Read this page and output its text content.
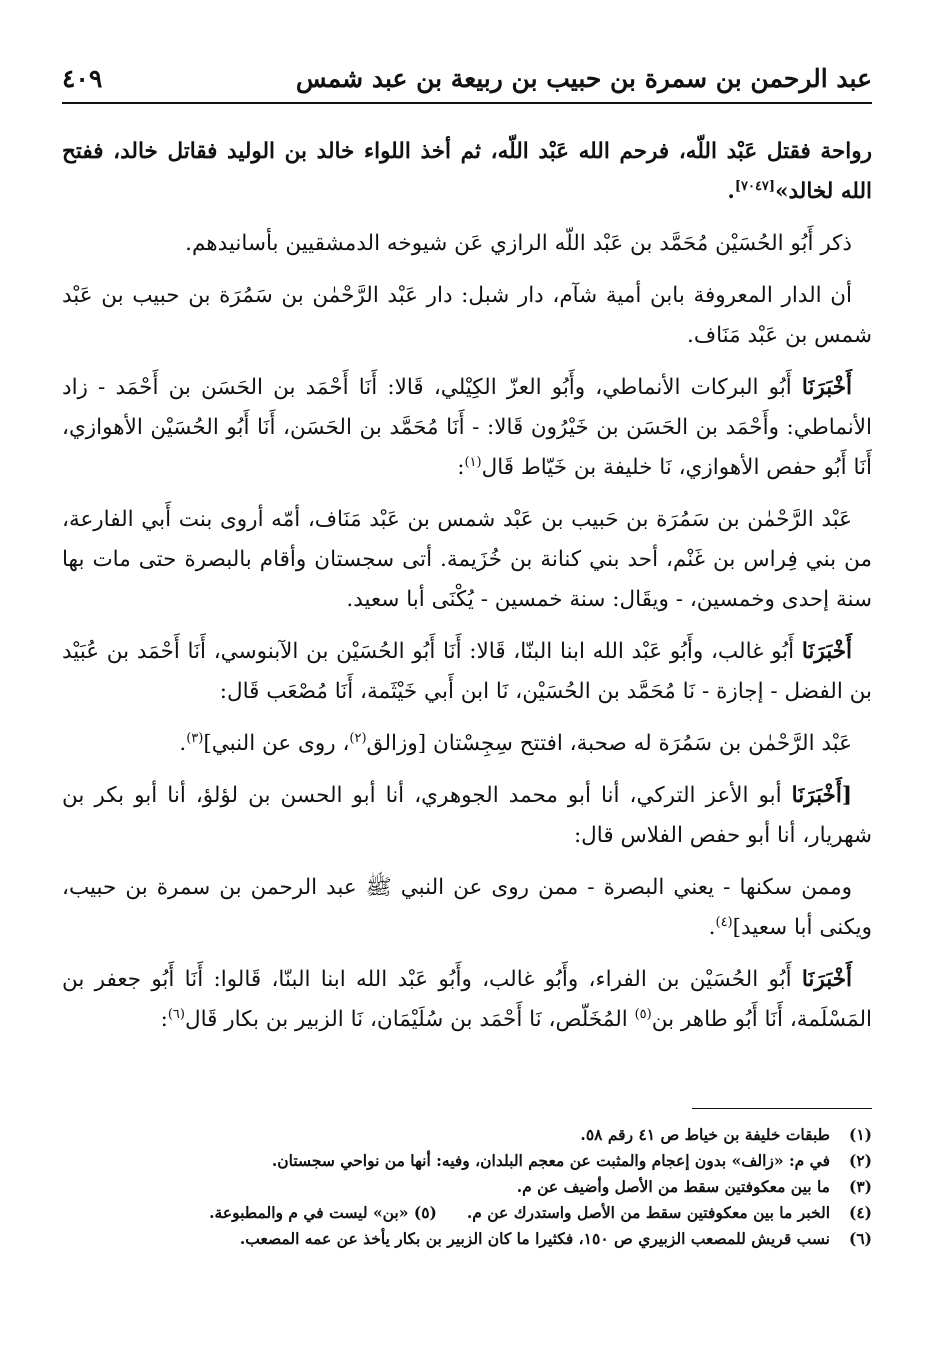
عبد الرحمن بن سمرة بن حبيب بن ربيعة بن عبد شمس
٤٠٩

رواحة فقتل عَبْد اللّه، فرحم الله عَبْد اللّه، ثم أخذ اللواء خالد بن الوليد فقاتل خالد، ففتح الله لخالد»[٧٠٤٧].

ذكر أَبُو الحُسَيْن مُحَمَّد بن عَبْد اللّه الرازي عَن شيوخه الدمشقيين بأسانيدهم.

أن الدار المعروفة بابن أمية شآم، دار شبل: دار عَبْد الرَّحْمٰن بن سَمُرَة بن حبيب بن عَبْد شمس بن عَبْد مَنَاف.

أَخْبَرَنَا أَبُو البركات الأنماطي، وأَبُو العزّ الكِيْلي، قَالا: أَنَا أَحْمَد بن الحَسَن بن أَحْمَد - زاد الأنماطي: وأَحْمَد بن الحَسَن بن خَيْرُون قَالا: - أَنَا مُحَمَّد بن الحَسَن، أَنَا أَبُو الحُسَيْن الأهوازي، أَنَا أَبُو حفص الأهوازي، نَا خليفة بن خَيّاط قَال$^{(١)}$:

عَبْد الرَّحْمٰن بن سَمُرَة بن حَبيب بن عَبْد شمس بن عَبْد مَنَاف، أمّه أروى بنت أَبي الفارعة، من بني فِراس بن غَنْم، أحد بني كنانة بن خُزَيمة. أتى سجستان وأقام بالبصرة حتى مات بها سنة إحدى وخمسين، - ويقَال: سنة خمسين - يُكْنَى أبا سعيد.

أَخْبَرَنَا أَبُو غالب، وأَبُو عَبْد الله ابنا البنّا، قَالا: أَنَا أَبُو الحُسَيْن بن الآبنوسي، أَنَا أَحْمَد بن عُبَيْد بن الفضل - إجازة - نَا مُحَمَّد بن الحُسَيْن، نَا ابن أَبي خَيْثَمة، أَنَا مُصْعَب قَال:

عَبْد الرَّحْمٰن بن سَمُرَة له صحبة، افتتح سِجِسْتان [وزالق$^{(٢)}$، روى عن النبي]$^{(٣)}$.

[أَخْبَرَنَا أبو الأعز التركي، أنا أبو محمد الجوهري، أنا أبو الحسن بن لؤلؤ، أنا أبو بكر بن شهريار، أنا أبو حفص الفلاس قال:

وممن سكنها - يعني البصرة - ممن روى عن النبي ﷺ عبد الرحمن بن سمرة بن حبيب، ويكنى أبا سعيد]$^{(٤)}$.

أَخْبَرَنَا أَبُو الحُسَيْن بن الفراء، وأَبُو غالب، وأَبُو عَبْد الله ابنا البنّا، قَالوا: أَنَا أَبُو جعفر بن المَسْلَمة، أَنَا أَبُو طاهر بن$^{(٥)}$ المُخَلّص، نَا أَحْمَد بن سُلَيْمَان، نَا الزبير بن بكار قَال$^{(٦)}$:

(١)
طبقات خليفة بن خياط ص ٤١ رقم ٥٨.
(٢)
في م: «زالف» بدون إعجام والمثبت عن معجم البلدان، وفيه: أنها من نواحي سجستان.
(٣)
ما بين معكوفتين سقط من الأصل وأضيف عن م.
(٤)
الخبر ما بين معكوفتين سقط من الأصل واستدرك عن م.(٥) «بن» ليست في م والمطبوعة.
(٦)
نسب قريش للمصعب الزبيري ص ١٥٠، فكثيرا ما كان الزبير بن بكار يأخذ عن عمه المصعب.
